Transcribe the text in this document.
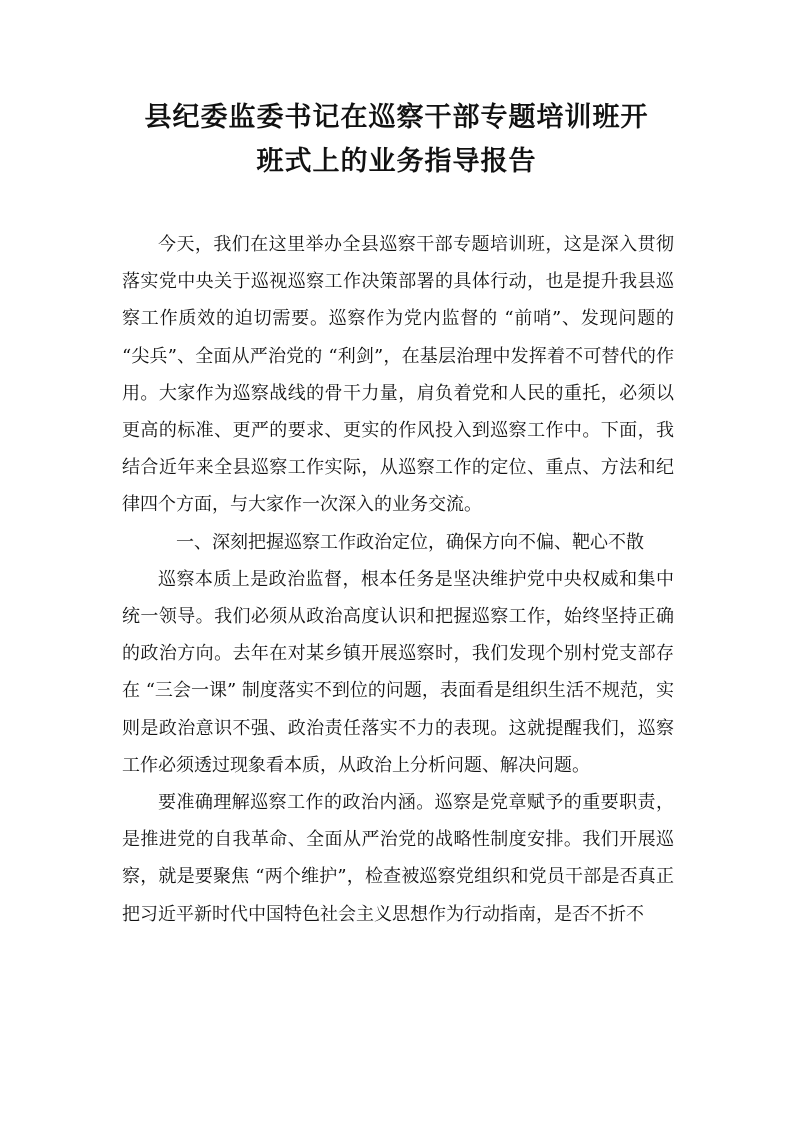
县纪委监委书记在巡察干部专题培训班开
班式上的业务指导报告

今天，我们在这里举办全县巡察干部专题培训班，这是深入贯彻落实党中央关于巡视巡察工作决策部署的具体行动，也是提升我县巡察工作质效的迫切需要。巡察作为党内监督的 “前哨”、发现问题的 “尖兵”、全面从严治党的 “利剑”，在基层治理中发挥着不可替代的作用。大家作为巡察战线的骨干力量，肩负着党和人民的重托，必须以更高的标准、更严的要求、更实的作风投入到巡察工作中。下面，我结合近年来全县巡察工作实际，从巡察工作的定位、重点、方法和纪律四个方面，与大家作一次深入的业务交流。

一、深刻把握巡察工作政治定位，确保方向不偏、靶心不散

巡察本质上是政治监督，根本任务是坚决维护党中央权威和集中统一领导。我们必须从政治高度认识和把握巡察工作，始终坚持正确的政治方向。去年在对某乡镇开展巡察时，我们发现个别村党支部存在 “三会一课” 制度落实不到位的问题，表面看是组织生活不规范，实则是政治意识不强、政治责任落实不力的表现。这就提醒我们，巡察工作必须透过现象看本质，从政治上分析问题、解决问题。

要准确理解巡察工作的政治内涵。巡察是党章赋予的重要职责，是推进党的自我革命、全面从严治党的战略性制度安排。我们开展巡察，就是要聚焦 “两个维护”，检查被巡察党组织和党员干部是否真正把习近平新时代中国特色社会主义思想作为行动指南，是否不折不
